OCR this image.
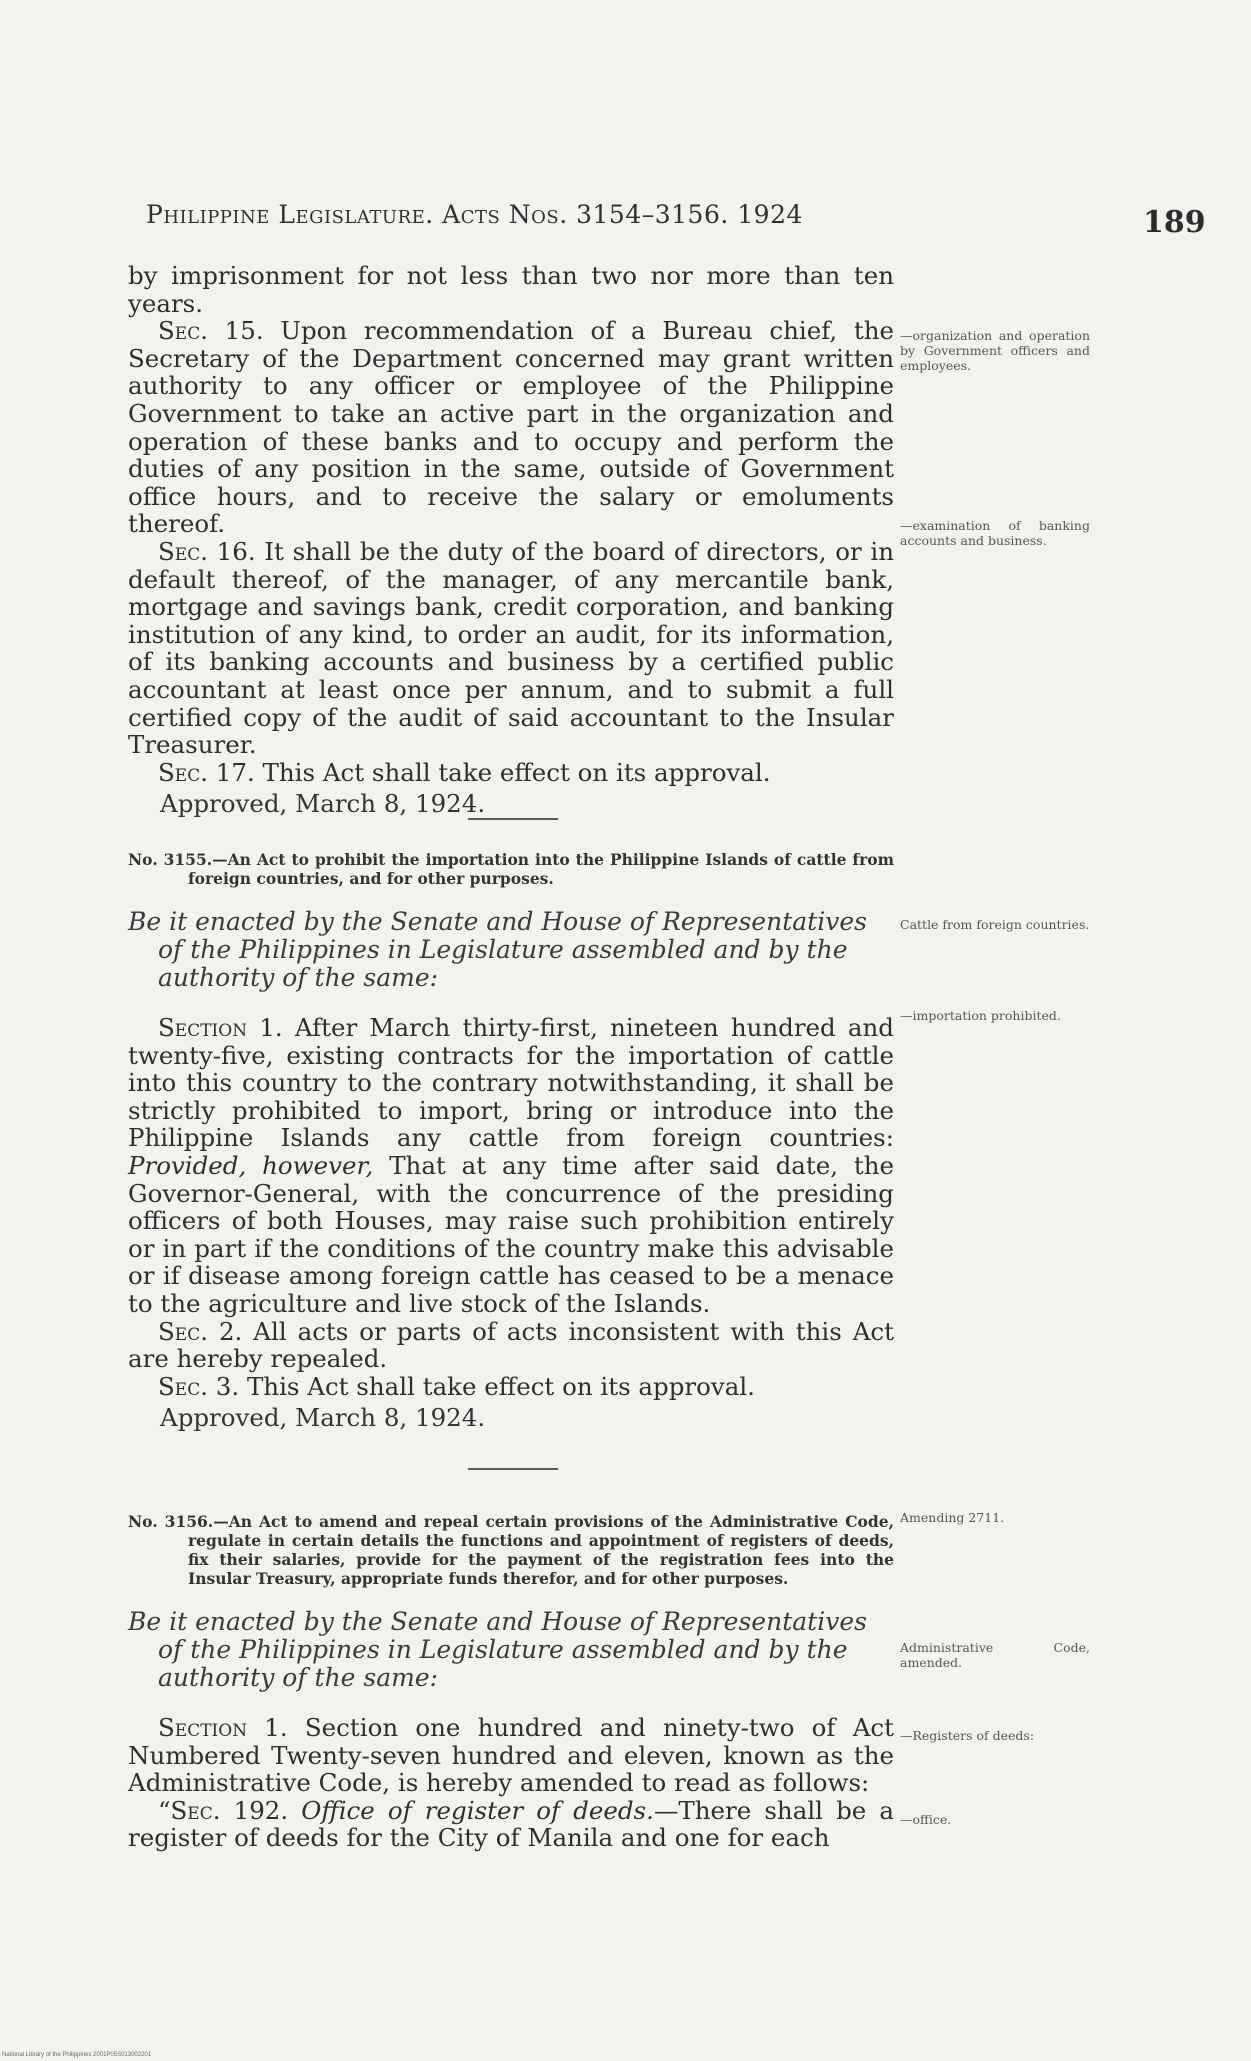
Philippine Legislature. Acts Nos. 3154–3156. 1924	189

by imprisonment for not less than two nor more than ten years.

Sec. 15. Upon recommendation of a Bureau chief, the Secretary of the Department concerned may grant written authority to any officer or employee of the Philippine Government to take an active part in the organization and operation of these banks and to occupy and perform the duties of any position in the same, outside of Government office hours, and to receive the salary or emoluments thereof.

Sec. 16. It shall be the duty of the board of directors, or in default thereof, of the manager, of any mercantile bank, mortgage and savings bank, credit corporation, and banking institution of any kind, to order an audit, for its information, of its banking accounts and business by a certified public accountant at least once per annum, and to submit a full certified copy of the audit of said accountant to the Insular Treasurer.

Sec. 17. This Act shall take effect on its approval.

Approved, March 8, 1924.

No. 3155.—An Act to prohibit the importation into the Philippine Islands of cattle from foreign countries, and for other purposes.

Be it enacted by the Senate and House of Representatives of the Philippines in Legislature assembled and by the authority of the same:

Section 1. After March thirty-first, nineteen hundred and twenty-five, existing contracts for the importation of cattle into this country to the contrary notwithstanding, it shall be strictly prohibited to import, bring or introduce into the Philippine Islands any cattle from foreign countries: Provided, however, That at any time after said date, the Governor-General, with the concurrence of the presiding officers of both Houses, may raise such prohibition entirely or in part if the conditions of the country make this advisable or if disease among foreign cattle has ceased to be a menace to the agriculture and live stock of the Islands.

Sec. 2. All acts or parts of acts inconsistent with this Act are hereby repealed.

Sec. 3. This Act shall take effect on its approval.

Approved, March 8, 1924.

No. 3156.—An Act to amend and repeal certain provisions of the Administrative Code, regulate in certain details the functions and appointment of registers of deeds, fix their salaries, provide for the payment of the registration fees into the Insular Treasury, appropriate funds therefor, and for other purposes.

Be it enacted by the Senate and House of Representatives of the Philippines in Legislature assembled and by the authority of the same:

Section 1. Section one hundred and ninety-two of Act Numbered Twenty-seven hundred and eleven, known as the Administrative Code, is hereby amended to read as follows:

“Sec. 192. Office of register of deeds.—There shall be a register of deeds for the City of Manila and one for each

—organization and operation by Government officers and employees.
—examination of banking accounts and business.
Cattle from foreign countries.
—importation prohibited.
Amending 2711.
Administrative Code, amended.
—Registers of deeds:
—office.
National Library of the Philippines 2001P05S013002201
